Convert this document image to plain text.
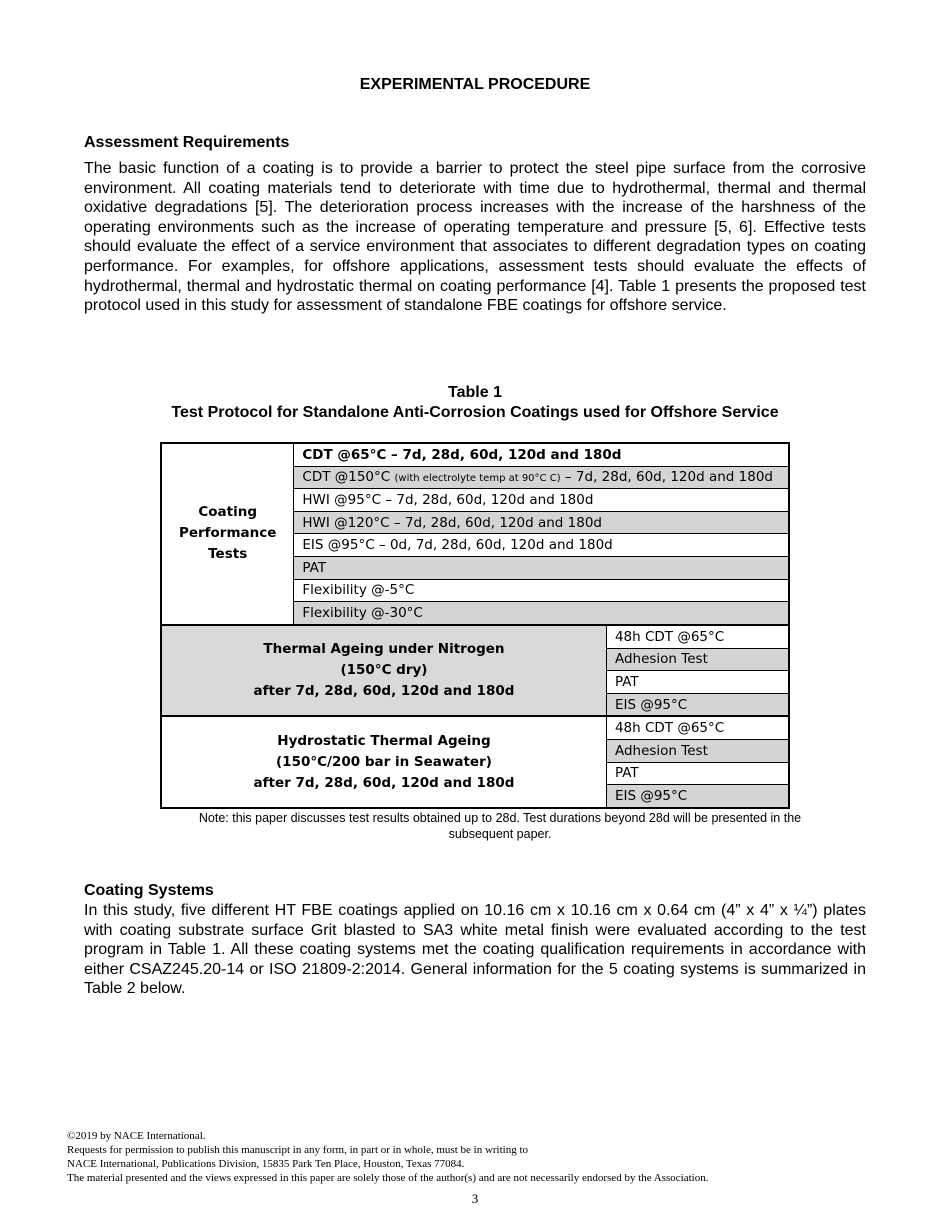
EXPERIMENTAL PROCEDURE
Assessment Requirements

The basic function of a coating is to provide a barrier to protect the steel pipe surface from the corrosive environment. All coating materials tend to deteriorate with time due to hydrothermal, thermal and thermal oxidative degradations [5]. The deterioration process increases with the increase of the harshness of the operating environments such as the increase of operating temperature and pressure [5, 6]. Effective tests should evaluate the effect of a service environment that associates to different degradation types on coating performance. For examples, for offshore applications, assessment tests should evaluate the effects of hydrothermal, thermal and hydrostatic thermal on coating performance [4]. Table 1 presents the proposed test protocol used in this study for assessment of standalone FBE coatings for offshore service.

Table 1
Test Protocol for Standalone Anti-Corrosion Coatings used for Offshore Service
Coating
Performance
Tests	CDT @65°C – 7d, 28d, 60d, 120d and 180d	
	CDT @150°C (with electrolyte temp at 90°C C) – 7d, 28d, 60d, 120d and 180d	
	HWI @95°C – 7d, 28d, 60d, 120d and 180d	
	HWI @120°C – 7d, 28d, 60d, 120d and 180d	
	EIS @95°C – 0d, 7d, 28d, 60d, 120d and 180d	
	PAT	
	Flexibility @-5°C	
	Flexibility @-30°C	
Thermal Ageing under Nitrogen
(150°C dry)
after 7d, 28d, 60d, 120d and 180d		48h CDT @65°C
		Adhesion Test
		PAT
		EIS @95°C
Hydrostatic Thermal Ageing
(150°C/200 bar in Seawater)
after 7d, 28d, 60d, 120d and 180d		48h CDT @65°C
		Adhesion Test
		PAT
		EIS @95°C
Note: this paper discusses test results obtained up to 28d. Test durations beyond 28d will be presented in the
subsequent paper.
Coating Systems

In this study, five different HT FBE coatings applied on 10.16 cm x 10.16 cm x 0.64 cm (4” x 4” x ¼”) plates with coating substrate surface Grit blasted to SA3 white metal finish were evaluated according to the test program in Table 1. All these coating systems met the coating qualification requirements in accordance with either CSAZ245.20-14 or ISO 21809-2:2014. General information for the 5 coating systems is summarized in Table 2 below.

©2019 by NACE International.
Requests for permission to publish this manuscript in any form, in part or in whole, must be in writing to
NACE International, Publications Division, 15835 Park Ten Place, Houston, Texas 77084.
The material presented and the views expressed in this paper are solely those of the author(s) and are not necessarily endorsed by the Association.
3
